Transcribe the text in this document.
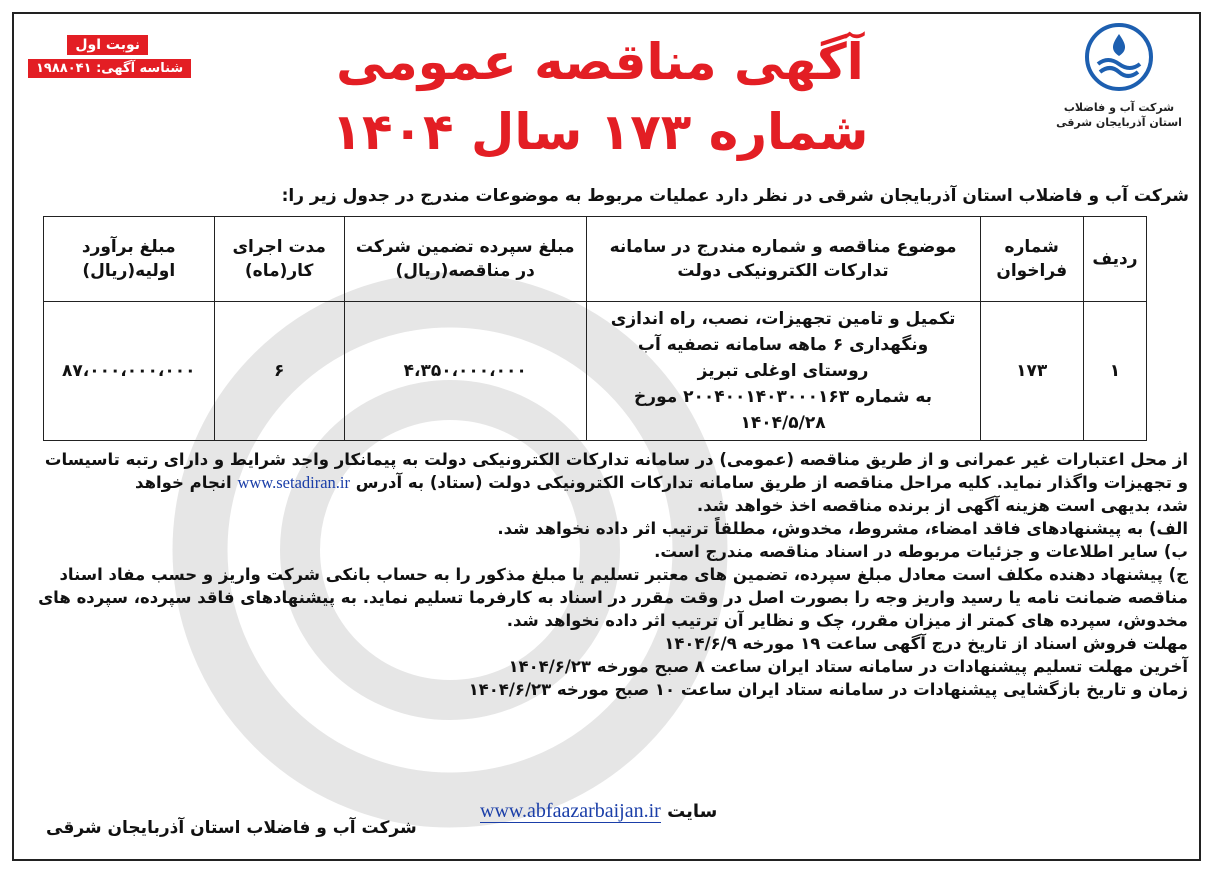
شرکت آب و فاضلاب
استان آذربایجان شرقی
نوبت اول
شناسه آگهی: ۱۹۸۸۰۴۱	آگهی مناقصه عمومی
شماره ۱۷۳ سال ۱۴۰۴
شرکت آب و فاضلاب استان آذربایجان شرقی در نظر دارد عملیات مربوط به موضوعات مندرج در جدول زیر را:
ردیف	شماره فراخوان	موضوع مناقصه و شماره مندرج در سامانه تدارکات الکترونیکی دولت	مبلغ سپرده تضمین شرکت در مناقصه(ریال)	مدت اجرای کار(ماه)	مبلغ برآورد اولیه(ریال)
۱	۱۷۳	تکمیل و تامین تجهیزات، نصب، راه اندازی
ونگهداری ۶ ماهه سامانه تصفیه آب
روستای اوغلی تبریز
به شماره ۲۰۰۴۰۰۱۴۰۳۰۰۰۱۶۳ مورخ ۱۴۰۴/۵/۲۸	۴،۳۵۰،۰۰۰،۰۰۰	۶	۸۷،۰۰۰،۰۰۰،۰۰۰

از محل اعتبارات غیر عمرانی و از طریق مناقصه (عمومی) در سامانه تدارکات الکترونیکی دولت به پیمانکار واجد شرایط و دارای رتبه تاسیسات

و تجهیزات واگذار نماید. کلیه مراحل مناقصه از طریق سامانه تدارکات الکترونیکی دولت (ستاد) به آدرس www.setadiran.ir انجام خواهد

شد، بدیهی است هزینه آگهی از برنده مناقصه اخذ خواهد شد.

الف) به پیشنهادهای فاقد امضاء، مشروط، مخدوش، مطلقاً ترتیب اثر داده نخواهد شد.

ب) سایر اطلاعات و جزئیات مربوطه در اسناد مناقصه مندرج است.

ج) پیشنهاد دهنده مکلف است معادل مبلغ سپرده، تضمین های معتبر تسلیم یا مبلغ مذکور را به حساب بانکی شرکت واریز و حسب مفاد اسناد

مناقصه ضمانت نامه یا رسید واریز وجه را بصورت اصل در وقت مقرر در اسناد به کارفرما تسلیم نماید. به پیشنهادهای فاقد سپرده، سپرده های

مخدوش، سپرده های کمتر از میزان مقرر، چک و نظایر آن ترتیب اثر داده نخواهد شد.

مهلت فروش اسناد از تاریخ درج آگهی ساعت ۱۹ مورخه ۱۴۰۴/۶/۹

آخرین مهلت تسلیم پیشنهادات در سامانه ستاد ایران ساعت ۸ صبح مورخه ۱۴۰۴/۶/۲۳

زمان و تاریخ بازگشایی پیشنهادات در سامانه ستاد ایران ساعت ۱۰ صبح مورخه ۱۴۰۴/۶/۲۳

سایت www.abfaazarbaijan.ir
شرکت آب و فاضلاب استان آذربایجان شرقی
